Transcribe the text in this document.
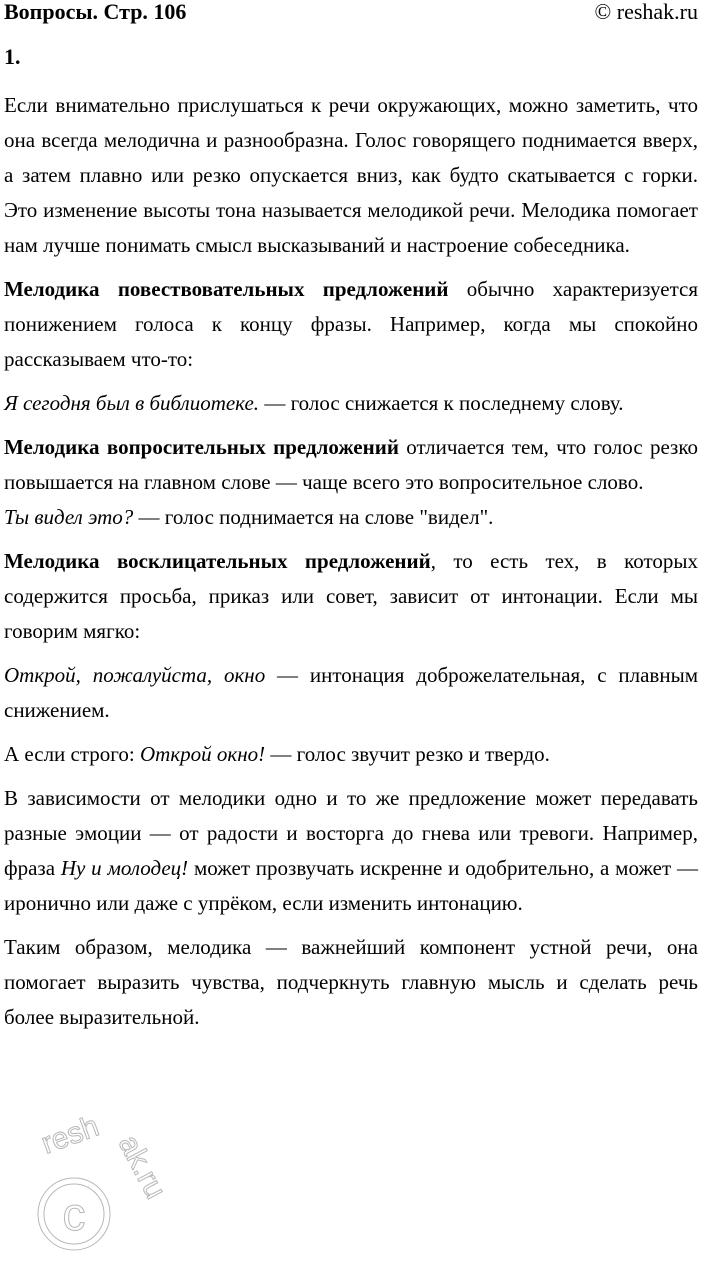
Вопросы. Стр. 106	© reshak.ru
1.

Если внимательно прислушаться к речи окружающих, можно заметить, что она всегда мелодична и разнообразна. Голос говорящего поднимается вверх, а затем плавно или резко опускается вниз, как будто скатывается с горки. Это изменение высоты тона называется мелодикой речи. Мелодика помогает нам лучше понимать смысл высказываний и настроение собеседника.

Мелодика повествовательных предложений обычно характеризуется понижением голоса к концу фразы. Например, когда мы спокойно рассказываем что-то:

Я сегодня был в библиотеке. — голос снижается к последнему слову.

Мелодика вопросительных предложений отличается тем, что голос резко повышается на главном слове — чаще всего это вопросительное слово.

Ты видел это? — голос поднимается на слове "видел".

Мелодика восклицательных предложений, то есть тех, в которых содержится просьба, приказ или совет, зависит от интонации. Если мы говорим мягко:

Открой, пожалуйста, окно — интонация доброжелательная, с плавным снижением.

А если строго: Открой окно! — голос звучит резко и твердо.

В зависимости от мелодики одно и то же предложение может передавать разные эмоции — от радости и восторга до гнева или тревоги. Например, фраза Ну и молодец! может прозвучать искренне и одобрительно, а может — иронично или даже с упрёком, если изменить интонацию.

Таким образом, мелодика — важнейший компонент устной речи, она помогает выразить чувства, подчеркнуть главную мысль и сделать речь более выразительной.

c
resh ak.ru
